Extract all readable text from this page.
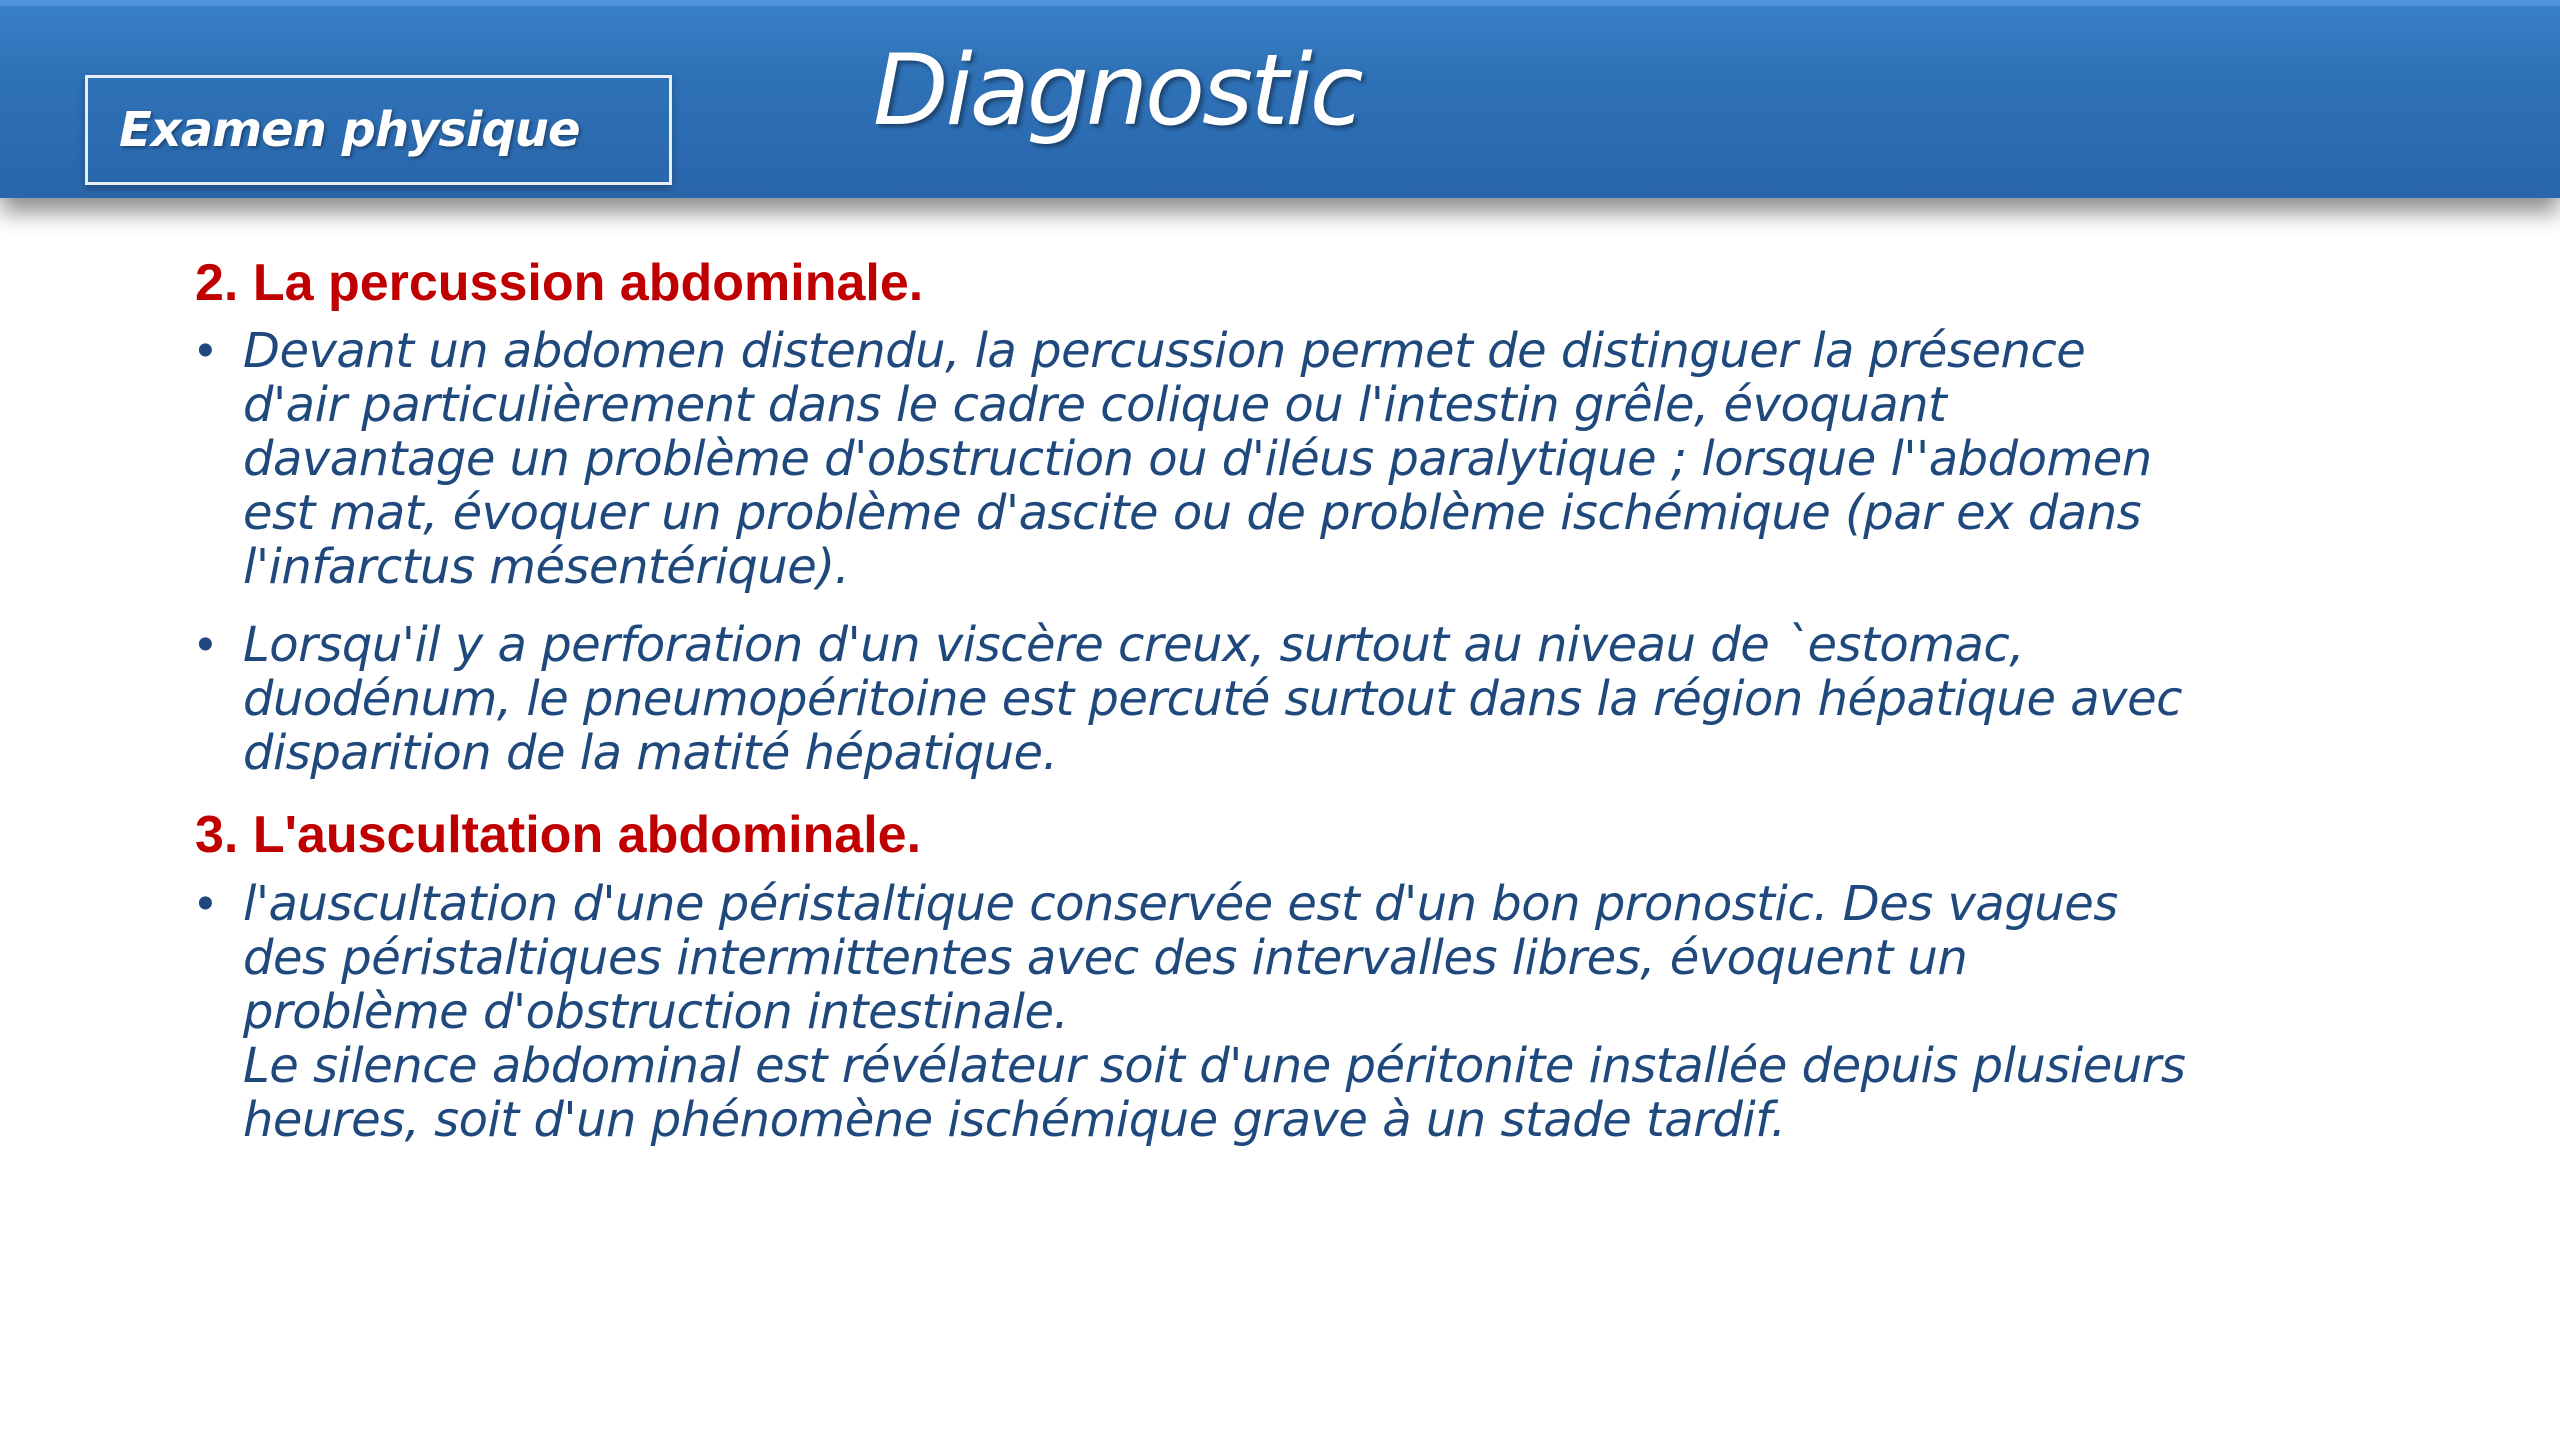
Examen physique	Diagnostic
2. La percussion abdominale.
• Devant un abdomen distendu, la percussion permet de distinguer la présence
d'air particulièrement dans le cadre colique ou l'intestin grêle, évoquant
davantage un problème d'obstruction ou d'iléus paralytique ; lorsque l''abdomen
est mat, évoquer un problème d'ascite ou de problème ischémique (par ex dans
l'infarctus mésentérique).

• Lorsqu'il y a perforation d'un viscère creux, surtout au niveau de `estomac,
duodénum, le pneumopéritoine est percuté surtout dans la région hépatique avec
disparition de la matité hépatique.

3. L'auscultation abdominale.
• l'auscultation d'une péristaltique conservée est d'un bon pronostic. Des vagues
des péristaltiques intermittentes avec des intervalles libres, évoquent un
problème d'obstruction intestinale.
Le silence abdominal est révélateur soit d'une péritonite installée depuis plusieurs
heures, soit d'un phénomène ischémique grave à un stade tardif.
